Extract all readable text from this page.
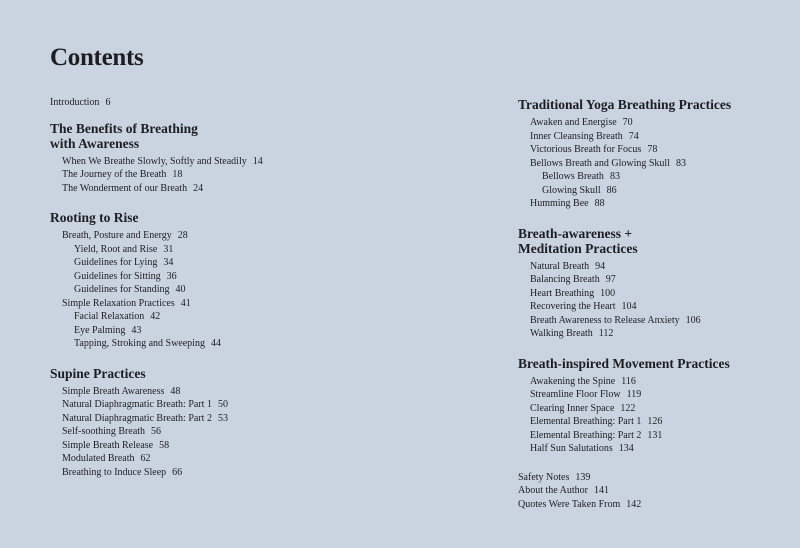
Contents
Introduction 6
The Benefits of Breathing
with Awareness
When We Breathe Slowly, Softly and Steadily 14
The Journey of the Breath 18
The Wonderment of our Breath 24
Rooting to Rise
Breath, Posture and Energy 28
Yield, Root and Rise 31
Guidelines for Lying 34
Guidelines for Sitting 36
Guidelines for Standing 40
Simple Relaxation Practices 41
Facial Relaxation 42
Eye Palming 43
Tapping, Stroking and Sweeping 44
Supine Practices
Simple Breath Awareness 48
Natural Diaphragmatic Breath: Part 1 50
Natural Diaphragmatic Breath: Part 2 53
Self-soothing Breath 56
Simple Breath Release 58
Modulated Breath 62
Breathing to Induce Sleep 66
Traditional Yoga Breathing Practices
Awaken and Energise 70
Inner Cleansing Breath 74
Victorious Breath for Focus 78
Bellows Breath and Glowing Skull 83
Bellows Breath 83
Glowing Skull 86
Humming Bee 88
Breath-awareness +
Meditation Practices
Natural Breath 94
Balancing Breath 97
Heart Breathing 100
Recovering the Heart 104
Breath Awareness to Release Anxiety 106
Walking Breath 112
Breath-inspired Movement Practices
Awakening the Spine 116
Streamline Floor Flow 119
Clearing Inner Space 122
Elemental Breathing: Part 1 126
Elemental Breathing: Part 2 131
Half Sun Salutations 134
Safety Notes 139
About the Author 141
Quotes Were Taken From 142
